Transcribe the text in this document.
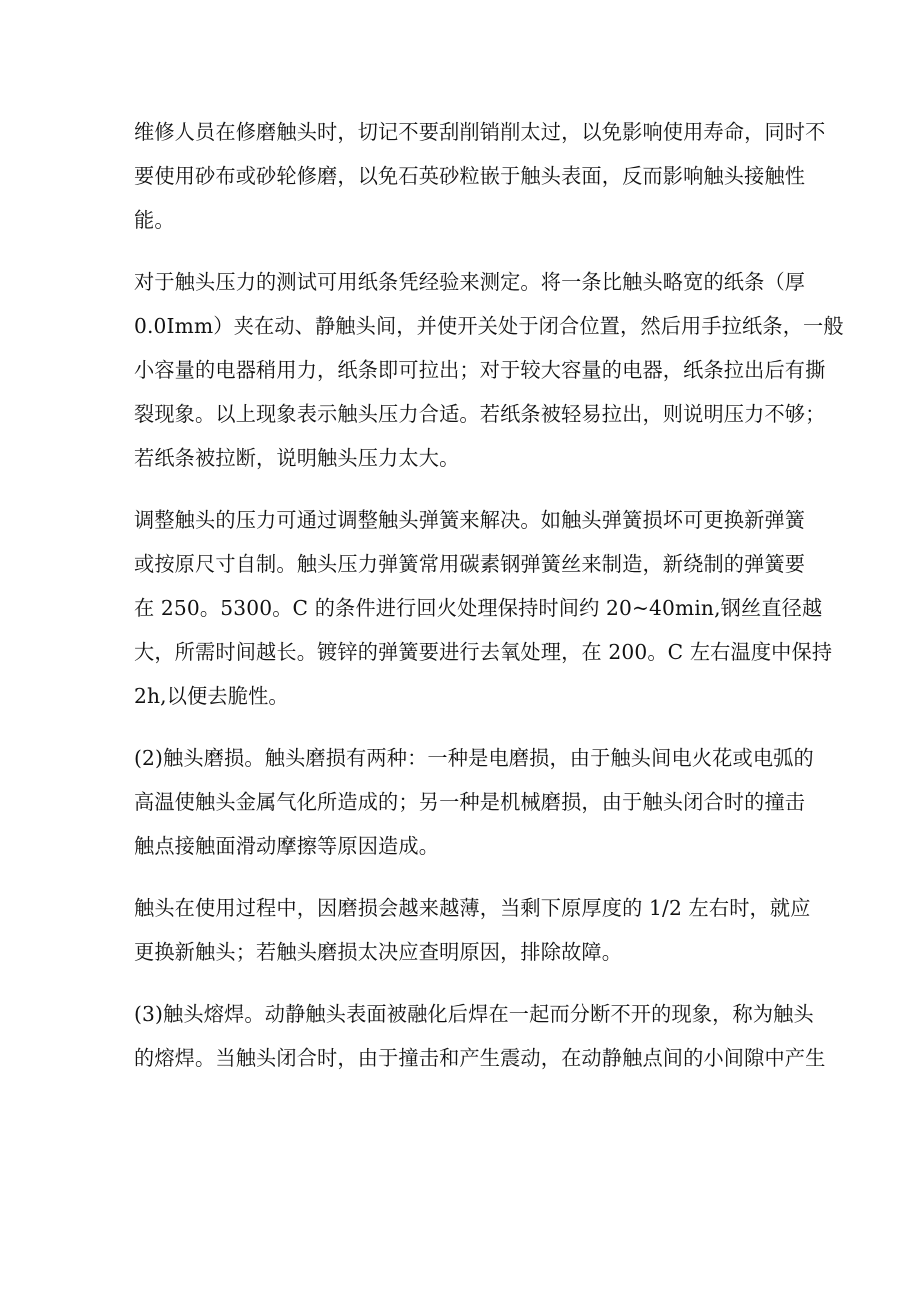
维修人员在修磨触头时，切记不要刮削销削太过，以免影响使用寿命，同时不
要使用砂布或砂轮修磨，以免石英砂粒嵌于触头表面，反而影响触头接触性
能。

对于触头压力的测试可用纸条凭经验来测定。将一条比触头略宽的纸条（厚
0.0Imm）夹在动、静触头间，并使开关处于闭合位置，然后用手拉纸条，一般
小容量的电器稍用力，纸条即可拉出；对于较大容量的电器，纸条拉出后有撕
裂现象。以上现象表示触头压力合适。若纸条被轻易拉出，则说明压力不够；
若纸条被拉断，说明触头压力太大。

调整触头的压力可通过调整触头弹簧来解决。如触头弹簧损坏可更换新弹簧
或按原尺寸自制。触头压力弹簧常用碳素钢弹簧丝来制造，新绕制的弹簧要
在 250。5300。C 的条件进行回火处理保持时间约 20~40min,钢丝直径越
大，所需时间越长。镀锌的弹簧要进行去氧处理，在 200。C 左右温度中保持
2h,以便去脆性。

(2)触头磨损。触头磨损有两种：一种是电磨损，由于触头间电火花或电弧的
高温使触头金属气化所造成的；另一种是机械磨损，由于触头闭合时的撞击
触点接触面滑动摩擦等原因造成。

触头在使用过程中，因磨损会越来越薄，当剩下原厚度的 1/2 左右时，就应
更换新触头；若触头磨损太决应查明原因，排除故障。

(3)触头熔焊。动静触头表面被融化后焊在一起而分断不开的现象，称为触头
的熔焊。当触头闭合时，由于撞击和产生震动，在动静触点间的小间隙中产生
